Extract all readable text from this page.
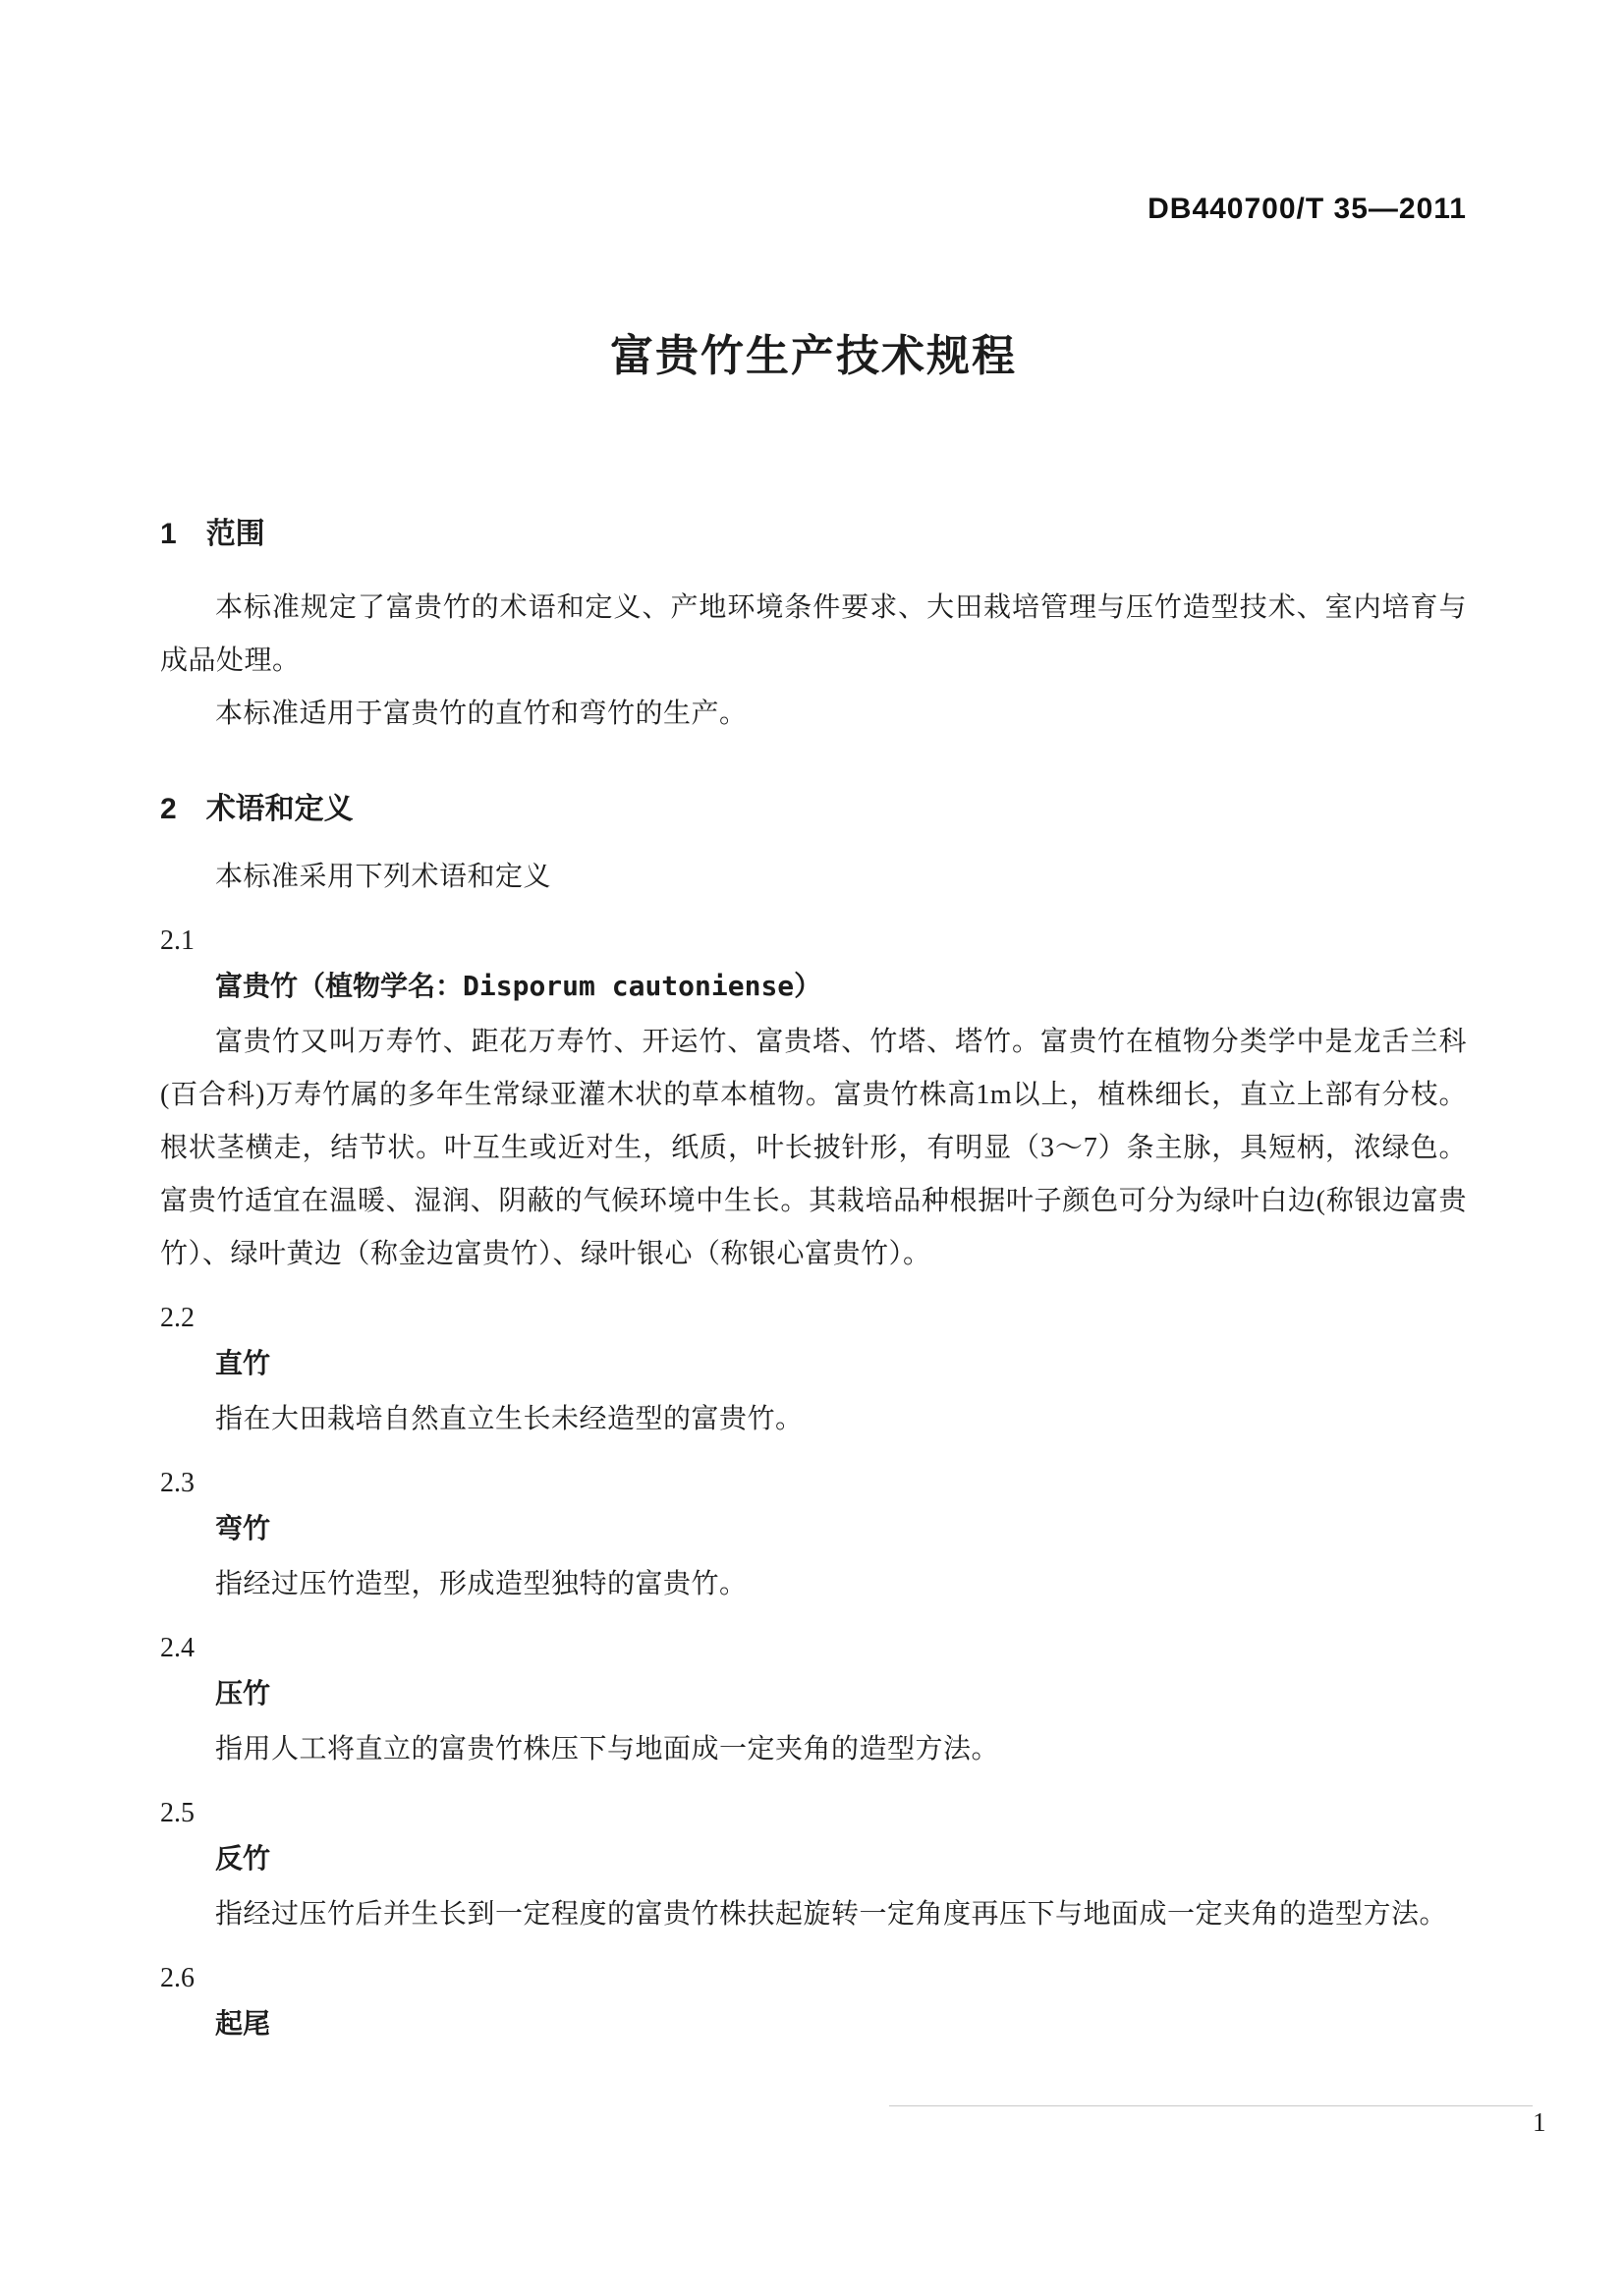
DB440700/T 35—2011
富贵竹生产技术规程
1 范围

本标准规定了富贵竹的术语和定义、产地环境条件要求、大田栽培管理与压竹造型技术、室内培育与成品处理。

本标准适用于富贵竹的直竹和弯竹的生产。

2 术语和定义

本标准采用下列术语和定义

2.1
富贵竹（植物学名：Disporum cautoniense）

富贵竹又叫万寿竹、距花万寿竹、开运竹、富贵塔、竹塔、塔竹。富贵竹在植物分类学中是龙舌兰科(百合科)万寿竹属的多年生常绿亚灌木状的草本植物。富贵竹株高1m以上，植株细长，直立上部有分枝。根状茎横走，结节状。叶互生或近对生，纸质，叶长披针形，有明显（3～7）条主脉，具短柄，浓绿色。富贵竹适宜在温暖、湿润、阴蔽的气候环境中生长。其栽培品种根据叶子颜色可分为绿叶白边(称银边富贵竹）、绿叶黄边（称金边富贵竹）、绿叶银心（称银心富贵竹）。

2.2
直竹

指在大田栽培自然直立生长未经造型的富贵竹。

2.3
弯竹

指经过压竹造型，形成造型独特的富贵竹。

2.4
压竹

指用人工将直立的富贵竹株压下与地面成一定夹角的造型方法。

2.5
反竹

指经过压竹后并生长到一定程度的富贵竹株扶起旋转一定角度再压下与地面成一定夹角的造型方法。

2.6
起尾
1
